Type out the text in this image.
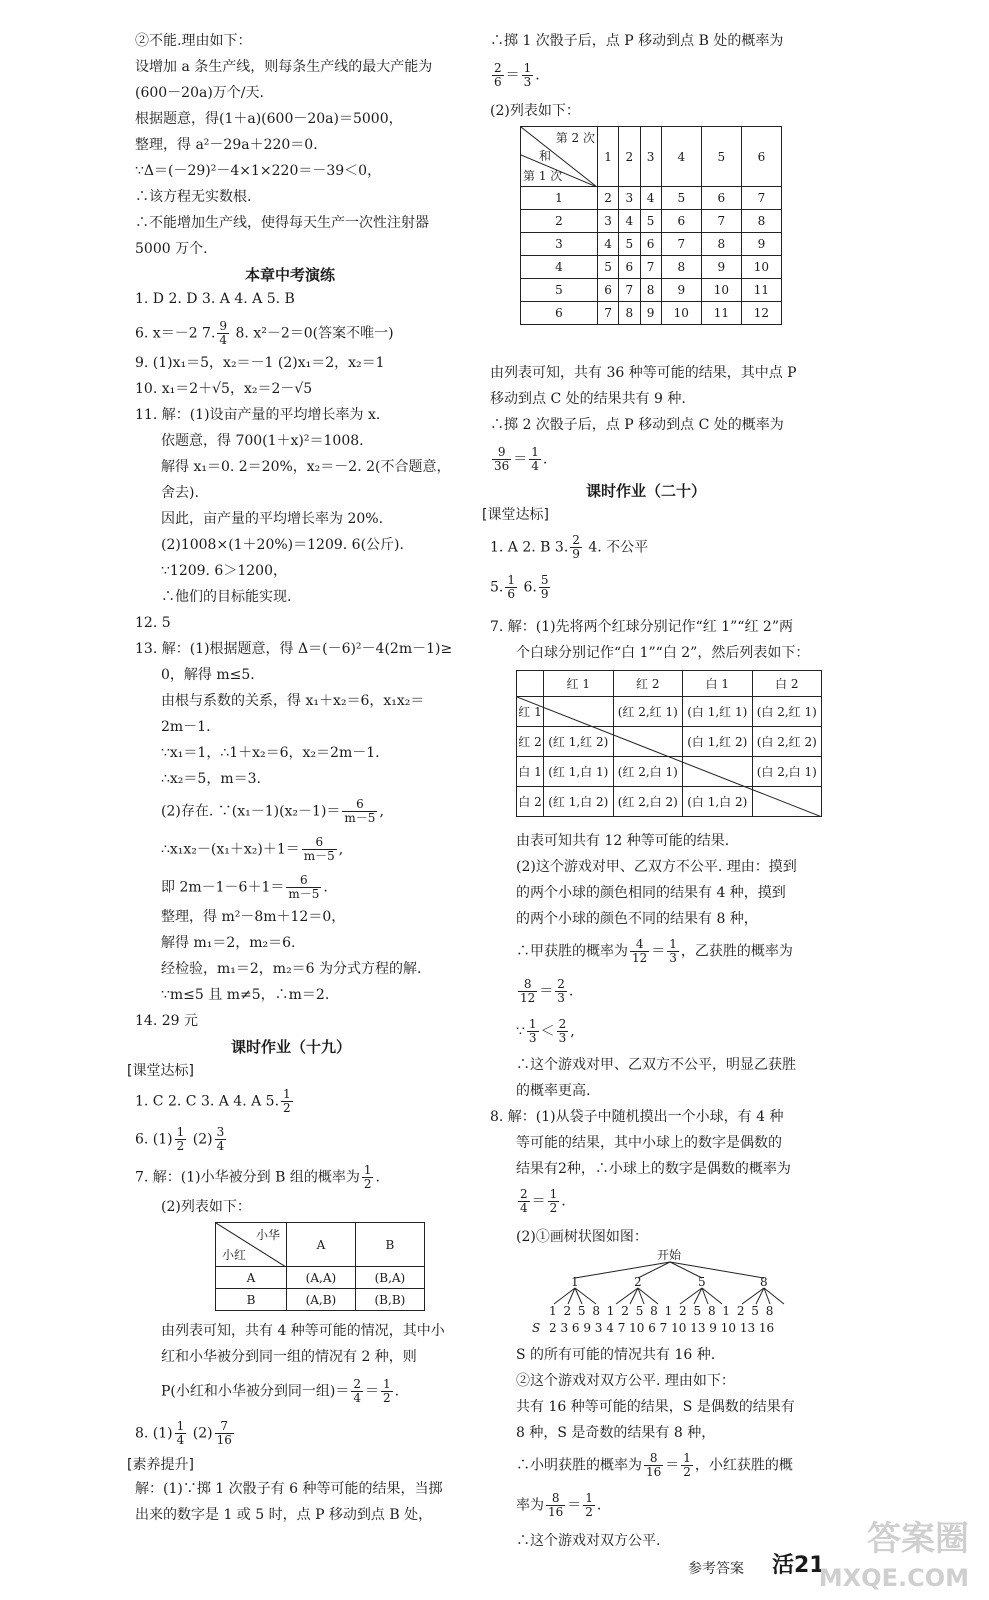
②不能.理由如下：
设增加 a 条生产线，则每条生产线的最大产能为
(600－20a)万个/天.
根据题意，得(1＋a)(600－20a)＝5000，
整理，得 a²－29a＋220＝0.
∵Δ＝(－29)²－4×1×220＝－39＜0，
∴该方程无实数根.
∴不能增加生产线，使得每天生产一次性注射器
5000 万个.
本章中考演练
1. D 2. D 3. A 4. A 5. B
6. x＝－2 7. $\frac{9}{4} 8$. x²－2＝0(答案不唯一)
9. (1)x₁＝5，x₂＝－1 (2)x₁＝2，x₂＝1
10. x₁＝2＋√5，x₂＝2－√5
11. 解：(1)设亩产量的平均增长率为 x.
依题意，得 700(1＋x)²＝1008.
解得 x₁＝0. 2＝20%，x₂＝－2. 2(不合题意，
舍去).
因此，亩产量的平均增长率为 20%.
(2)1008×(1＋20%)＝1209. 6(公斤).
∵1209. 6＞1200，
∴他们的目标能实现.
12. 5
13. 解：(1)根据题意，得 Δ＝(－6)²－4(2m－1)≥
0，解得 m≤5.
由根与系数的关系，得 x₁＋x₂＝6，x₁x₂＝
2m－1.
∵x₁＝1，∴1＋x₂＝6，x₂＝2m－1.
∴x₂＝5，m＝3.
(2)存在. ∵(x₁－1)(x₂－1)＝ $\frac{6}{m-5}$ ,
∴x₁x₂－(x₁＋x₂)＋1＝ $\frac{6}{m-5}$ ,
即 $2m-1-6+1= \frac{6}{m-5}$ .
整理，得 m²－8m＋12＝0，
解得 m₁＝2，m₂＝6.
经检验，m₁＝2，m₂＝6 为分式方程的解.
∵m≤5 且 m≠5，∴m＝2.
14. 29 元
课时作业（十九）
[课堂达标]
1. C 2. C 3. A 4. A 5. $\frac{1}{2}$
6. $(1) \frac{1}{2} (2) \frac{3}{4}$
7. 解：(1)小华被分到 B 组的概率为 $\frac{1}{2}$ .
(2)列表如下：
小华
小红	A	B
A	(A,A)	(B,A)
B	(A,B)	(B,B)
由列表可知，共有 4 种等可能的情况，其中小
红和小华被分到同一组的情况有 2 种，则
P(小红和小华被分到同一组)＝ $\frac{2}{4} = \frac{1}{2}$ .
8. $(1) \frac{1}{4} (2) \frac{7}{16}$
[素养提升]
解：(1)∵掷 1 次骰子有 6 种等可能的结果，当掷
出来的数字是 1 或 5 时，点 P 移动到点 B 处，
∴掷 1 次骰子后，点 P 移动到点 B 处的概率为
$\frac{2}{6} = \frac{1}{3}$ .
(2)列表如下：
第 2 次
和
第 1 次	1	2	3	4	5	6
1	2	3	4	5	6	7
2	3	4	5	6	7	8
3	4	5	6	7	8	9
4	5	6	7	8	9	10
5	6	7	8	9	10	11
6	7	8	9	10	11	12
由列表可知，共有 36 种等可能的结果，其中点 P
移动到点 C 处的结果共有 9 种.
∴掷 2 次骰子后，点 P 移动到点 C 处的概率为
$\frac{9}{36} = \frac{1}{4}$ .
课时作业（二十）
[课堂达标]
1. A 2. B 3. $\frac{2}{9} 4$. 不公平
5. $\frac{1}{6} 6$. $\frac{5}{9}$
7. 解：(1)先将两个红球分别记作“红 1”“红 2”两
个白球分别记作“白 1”“白 2”，然后列表如下：
	红 1	红 2	白 1	白 2
红 1		(红 2,红 1)	(白 1,红 1)	(白 2,红 1)
红 2	(红 1,红 2)		(白 1,红 2)	(白 2,红 2)
白 1	(红 1,白 1)	(红 2,白 1)		(白 2,白 1)
白 2	(红 1,白 2)	(红 2,白 2)	(白 1,白 2)	
由表可知共有 12 种等可能的结果.
(2)这个游戏对甲、乙双方不公平. 理由：摸到
的两个小球的颜色相同的结果有 4 种，摸到
的两个小球的颜色不同的结果有 8 种，
∴甲获胜的概率为 $\frac{4}{12} = \frac{1}{3}$ ，乙获胜的概率为
$\frac{8}{12} = \frac{2}{3}$ .
∵ $\frac{1}{3} < \frac{2}{3}$ ,
∴这个游戏对甲、乙双方不公平，明显乙获胜
的概率更高.
8. 解：(1)从袋子中随机摸出一个小球，有 4 种
等可能的结果，其中小球上的数字是偶数的
结果有2种，∴小球上的数字是偶数的概率为
$\frac{2}{4} = \frac{1}{2}$ .
(2)①画树状图如图：
开始
1	2	5	8
1 2 5 8 1 2 5 8 1 2 5 8 1 2 5 8
S 2 3 6 9 3 4 7 10 6 7 10 13 9 10 13 16
S 的所有可能的情况共有 16 种.
②这个游戏对双方公平. 理由如下：
共有 16 种等可能的结果，S 是偶数的结果有
8 种，S 是奇数的结果有 8 种，
∴小明获胜的概率为 $\frac{8}{16} = \frac{1}{2}$ ，小红获胜的概
率为 $\frac{8}{16} = \frac{1}{2}$ .
∴这个游戏对双方公平.
参考答案 活21
答案圈
MXQE.COM
